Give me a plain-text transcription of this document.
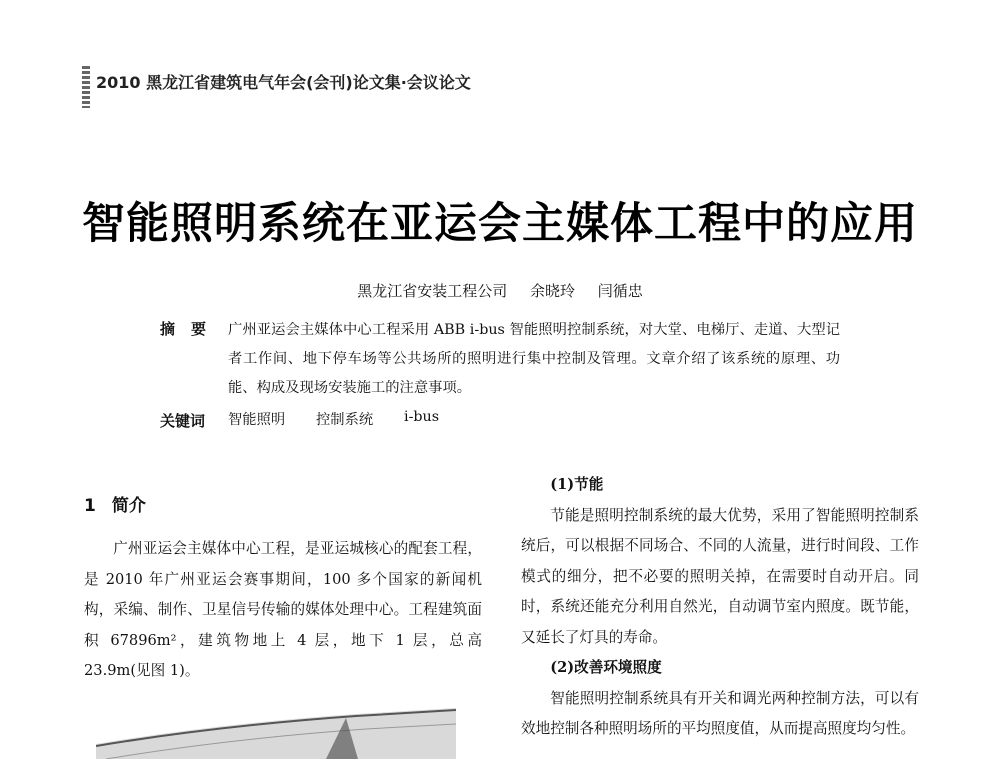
2010 黑龙江省建筑电气年会(会刊)论文集·会议论文
智能照明系统在亚运会主媒体工程中的应用
黑龙江省安装工程公司 余晓玲 闫循忠
摘要 广州亚运会主媒体中心工程采用 ABB i-bus 智能照明控制系统，对大堂、电梯厅、走道、大型记者工作间、地下停车场等公共场所的照明进行集中控制及管理。文章介绍了该系统的原理、功能、构成及现场安装施工的注意事项。
关键词 智能照明 控制系统 i-bus
1 简介

广州亚运会主媒体中心工程，是亚运城核心的配套工程，是 2010 年广州亚运会赛事期间，100 多个国家的新闻机构，采编、制作、卫星信号传输的媒体处理中心。工程建筑面积 67896m²，建筑物地上 4 层，地下 1 层，总高 23.9m(见图 1)。

(1)节能

节能是照明控制系统的最大优势，采用了智能照明控制系统后，可以根据不同场合、不同的人流量，进行时间段、工作模式的细分，把不必要的照明关掉，在需要时自动开启。同时，系统还能充分利用自然光，自动调节室内照度。既节能，又延长了灯具的寿命。

(2)改善环境照度

智能照明控制系统具有开关和调光两种控制方法，可以有效地控制各种照明场所的平均照度值，从而提高照度均匀性。
